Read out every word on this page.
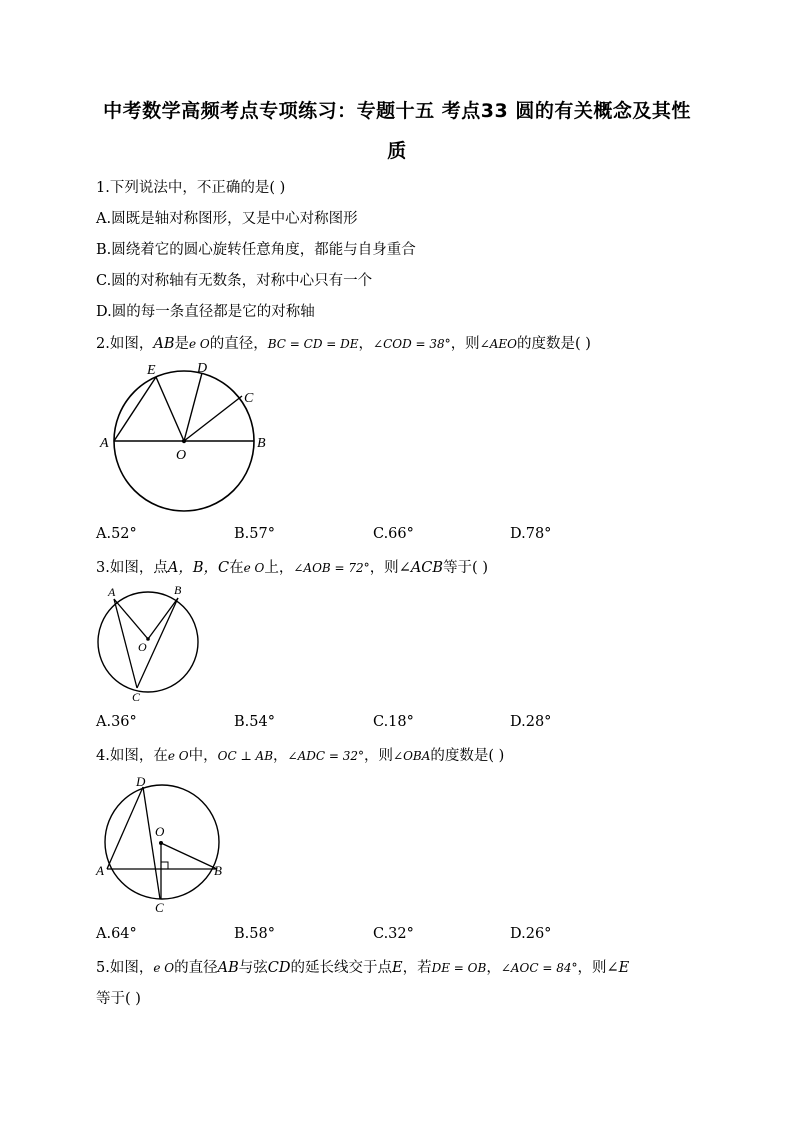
中考数学高频考点专项练习：专题十五 考点33 圆的有关概念及其性
质
1.下列说法中，不正确的是( )
A.圆既是轴对称图形，又是中心对称图形
B.圆绕着它的圆心旋转任意角度，都能与自身重合
C.圆的对称轴有无数条，对称中心只有一个
D.圆的每一条直径都是它的对称轴
2.如图，AB是e O的直径，BC = CD = DE，∠COD = 38°，则∠AEO的度数是( )
A	B
C
D
E
O
A.52°	B.57°	C.66°	D.78°
3.如图，点A，B，C在e O上，∠AOB = 72°，则∠ACB等于( )
A	B
C
O
A.36°	B.54°	C.18°	D.28°
4.如图，在e O中，OC ⊥ AB，∠ADC = 32°，则∠OBA的度数是( )
A	B
C
D
O
A.64°	B.58°	C.32°	D.26°
5.如图，e O的直径AB与弦CD的延长线交于点E，若DE = OB，∠AOC = 84°，则∠E
等于( )
